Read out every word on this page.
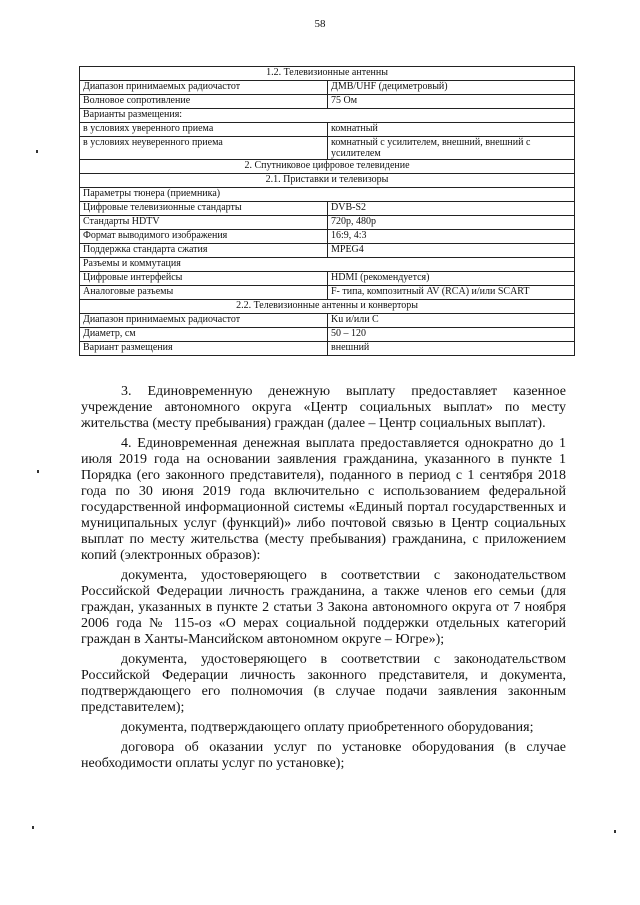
58
1.2. Телевизионные антенны	
Диапазон принимаемых радиочастот	ДМВ/UHF (дециметровый)
Волновое сопротивление	75 Ом
Варианты размещения:	
в условиях уверенного приема	комнатный
в условиях неуверенного приема	комнатный с усилителем, внешний, внешний с усилителем
2. Спутниковое цифровое телевидение	
2.1. Приставки и телевизоры	
Параметры тюнера (приемника)	
Цифровые телевизионные стандарты	DVB-S2
Стандарты HDTV	720p, 480p
Формат выводимого изображения	16:9, 4:3
Поддержка стандарта сжатия	MPEG4
Разъемы и коммутация	
Цифровые интерфейсы	HDMI (рекомендуется)
Аналоговые разъемы	F- типа, композитный AV (RCA) и/или SCART
2.2. Телевизионные антенны и конверторы	
Диапазон принимаемых радиочастот	Ku и/или C
Диаметр, см	50 – 120
Вариант размещения	внешний

3. Единовременную денежную выплату предоставляет казенное учреждение автономного округа «Центр социальных выплат» по месту жительства (месту пребывания) граждан (далее – Центр социальных выплат).

4. Единовременная денежная выплата предоставляется однократно до 1 июля 2019 года на основании заявления гражданина, указанного в пункте 1 Порядка (его законного представителя), поданного в период с 1 сентября 2018 года по 30 июня 2019 года включительно с использованием федеральной государственной информационной системы «Единый портал государственных и муниципальных услуг (функций)» либо почтовой связью в Центр социальных выплат по месту жительства (месту пребывания) гражданина, с приложением копий (электронных образов):

документа, удостоверяющего в соответствии с законодательством Российской Федерации личность гражданина, а также членов его семьи (для граждан, указанных в пункте 2 статьи 3 Закона автономного округа от 7 ноября 2006 года № 115-оз «О мерах социальной поддержки отдельных категорий граждан в Ханты-Мансийском автономном округе – Югре»);

документа, удостоверяющего в соответствии с законодательством Российской Федерации личность законного представителя, и документа, подтверждающего его полномочия (в случае подачи заявления законным представителем);

документа, подтверждающего оплату приобретенного оборудования;

договора об оказании услуг по установке оборудования (в случае необходимости оплаты услуг по установке);
